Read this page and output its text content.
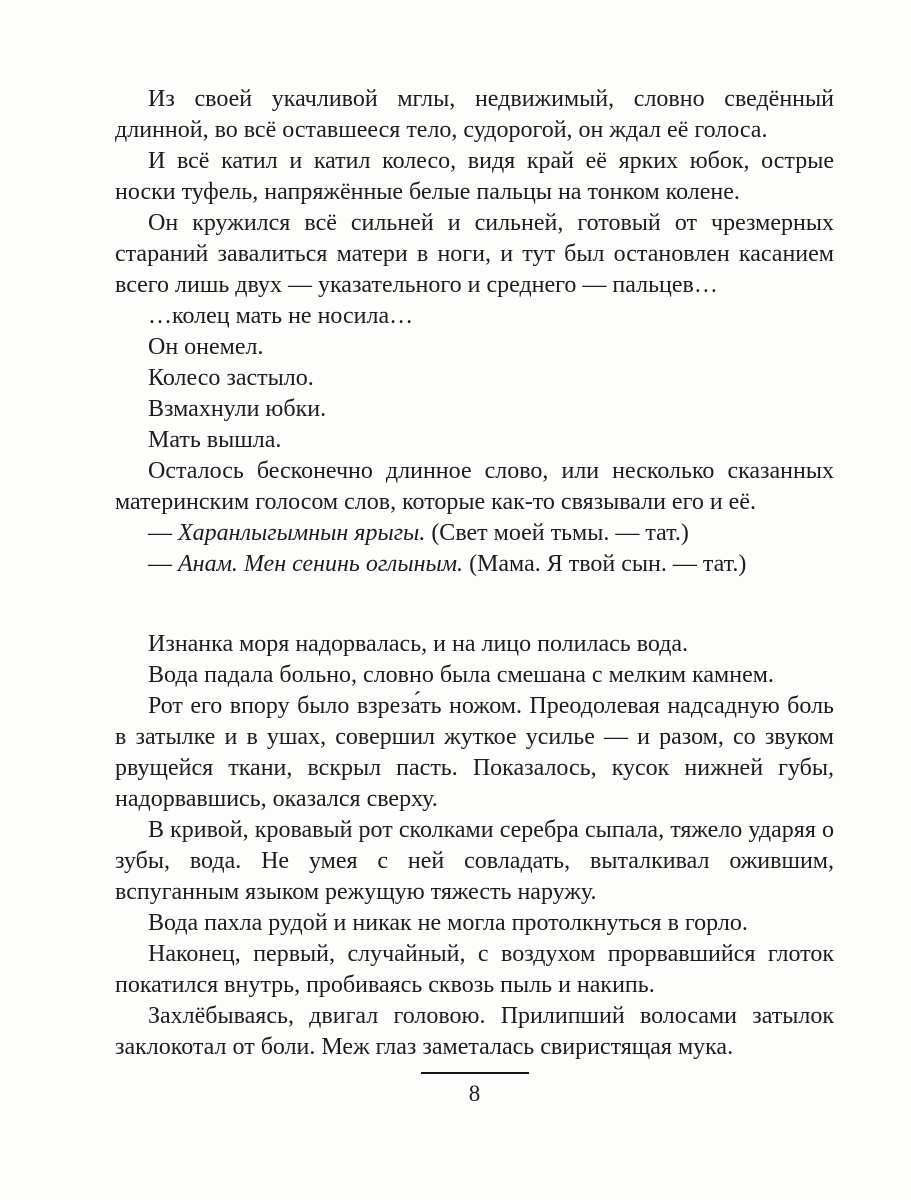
Из своей укачливой мглы, недвижимый, словно сведённый длинной, во всё оставшееся тело, судорогой, он ждал её голоса.

И всё катил и катил колесо, видя край её ярких юбок, острые носки туфель, напряжённые белые пальцы на тонком колене.

Он кружился всё сильней и сильней, готовый от чрезмерных стараний завалиться матери в ноги, и тут был остановлен касанием всего лишь двух — указательного и среднего — пальцев…

…колец мать не носила…

Он онемел.

Колесо застыло.

Взмахнули юбки.

Мать вышла.

Осталось бесконечно длинное слово, или несколько сказанных материнским голосом слов, которые как-то связывали его и её.

— Харанлыгымнын ярыгы. (Свет моей тьмы. — тат.)

— Анам. Мен сенинь оглыным. (Мама. Я твой сын. — тат.)

Изнанка моря надорвалась, и на лицо полилась вода.

Вода падала больно, словно была смешана с мелким камнем.

Рот его впору было взреза́ть ножом. Преодолевая надсадную боль в затылке и в ушах, совершил жуткое усилье — и разом, со звуком рвущейся ткани, вскрыл пасть. Показалось, кусок нижней губы, надорвавшись, оказался сверху.

В кривой, кровавый рот сколками серебра сыпала, тяжело ударяя о зубы, вода. Не умея с ней совладать, выталкивал ожившим, вспуганным языком режущую тяжесть наружу.

Вода пахла рудой и никак не могла протолкнуться в горло.

Наконец, первый, случайный, с воздухом прорвавшийся глоток покатился внутрь, пробиваясь сквозь пыль и накипь.

Захлёбываясь, двигал головою. Прилипший волосами затылок заклокотал от боли. Меж глаз заметалась свиристящая мука.

8
